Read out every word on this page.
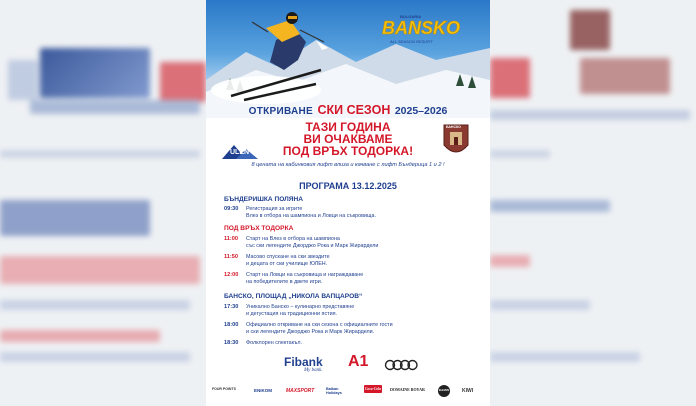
BULGARIA
BANSKO
ALL SEASON RESORT
ОТКРИВАНЕ СКИ СЕЗОН 2025–2026
ТАЗИ ГОДИНА
ВИ ОЧАКВАМЕ
ПОД ВРЪХ ТОДОРКА!
ULEN
БАНСКО
8 цената на кабинковия лифт влиза и качване с лифт Бъндерица 1 и 2 !
ПРОГРАМА 13.12.2025
БЪНДЕРИШКА ПОЛЯНА
09:30	Регистрация за игрите
Влез в отбора на шампиона и Ловци на съкровища.
ПОД ВРЪХ ТОДОРКА
11:00	Старт на Влез в отбора на шампиона
със ски легендите Джорджо Рока и Марк Жирардели
11:50	Масово спускане на ски звездите
и децата от ски училище ЮЛЕН.
12:00	Старт на Ловци на съкровища и награждаване
на победителите в двете игри.
БАНСКО, ПЛОЩАД „НИКОЛА ВАПЦАРОВ“
17:30	Уникално Банско – кулинарно представяне
и дегустация на традиционни ястия.
18:00	Официално откриване на ски сезона с официалните гости
и ски легендите Джорджо Рока и Марк Жирардели.
18:30	Фолклорен спектакъл.
Fibank
My bank.
A1
FOUR POINTS	ENIKOM	MAXSPORT	Balkan Holidays
Coca-Cola DOMAINE BOYAR	ELEVEN	KIWI
